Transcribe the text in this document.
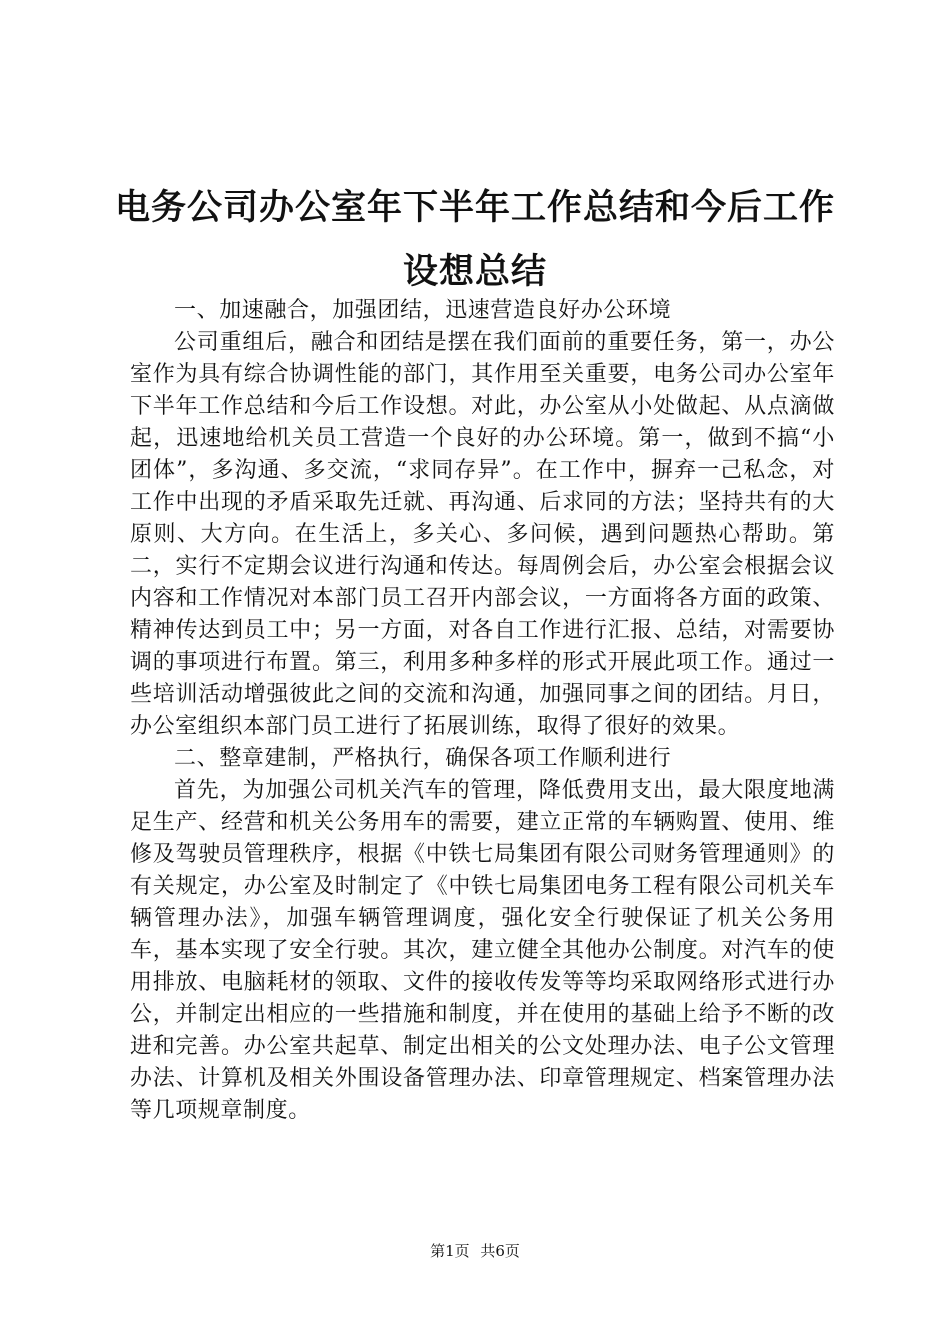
电务公司办公室年下半年工作总结和今后工作
设想总结

一、加速融合，加强团结，迅速营造良好办公环境

公司重组后，融合和团结是摆在我们面前的重要任务，第一，办公室作为具有综合协调性能的部门，其作用至关重要，电务公司办公室年下半年工作总结和今后工作设想。对此，办公室从小处做起、从点滴做起，迅速地给机关员工营造一个良好的办公环境。第一，做到不搞“小团体”，多沟通、多交流，“求同存异”。在工作中，摒弃一己私念，对工作中出现的矛盾采取先迁就、再沟通、后求同的方法；坚持共有的大原则、大方向。在生活上，多关心、多问候，遇到问题热心帮助。第二，实行不定期会议进行沟通和传达。每周例会后，办公室会根据会议内容和工作情况对本部门员工召开内部会议，一方面将各方面的政策、精神传达到员工中；另一方面，对各自工作进行汇报、总结，对需要协调的事项进行布置。第三，利用多种多样的形式开展此项工作。通过一些培训活动增强彼此之间的交流和沟通，加强同事之间的团结。月日，办公室组织本部门员工进行了拓展训练，取得了很好的效果。

二、整章建制，严格执行，确保各项工作顺利进行

首先，为加强公司机关汽车的管理，降低费用支出，最大限度地满足生产、经营和机关公务用车的需要，建立正常的车辆购置、使用、维修及驾驶员管理秩序，根据《中铁七局集团有限公司财务管理通则》的有关规定，办公室及时制定了《中铁七局集团电务工程有限公司机关车辆管理办法》，加强车辆管理调度，强化安全行驶保证了机关公务用车，基本实现了安全行驶。其次，建立健全其他办公制度。对汽车的使用排放、电脑耗材的领取、文件的接收传发等等均采取网络形式进行办公，并制定出相应的一些措施和制度，并在使用的基础上给予不断的改进和完善。办公室共起草、制定出相关的公文处理办法、电子公文管理办法、计算机及相关外围设备管理办法、印章管理规定、档案管理办法等几项规章制度。

第1页 共6页
